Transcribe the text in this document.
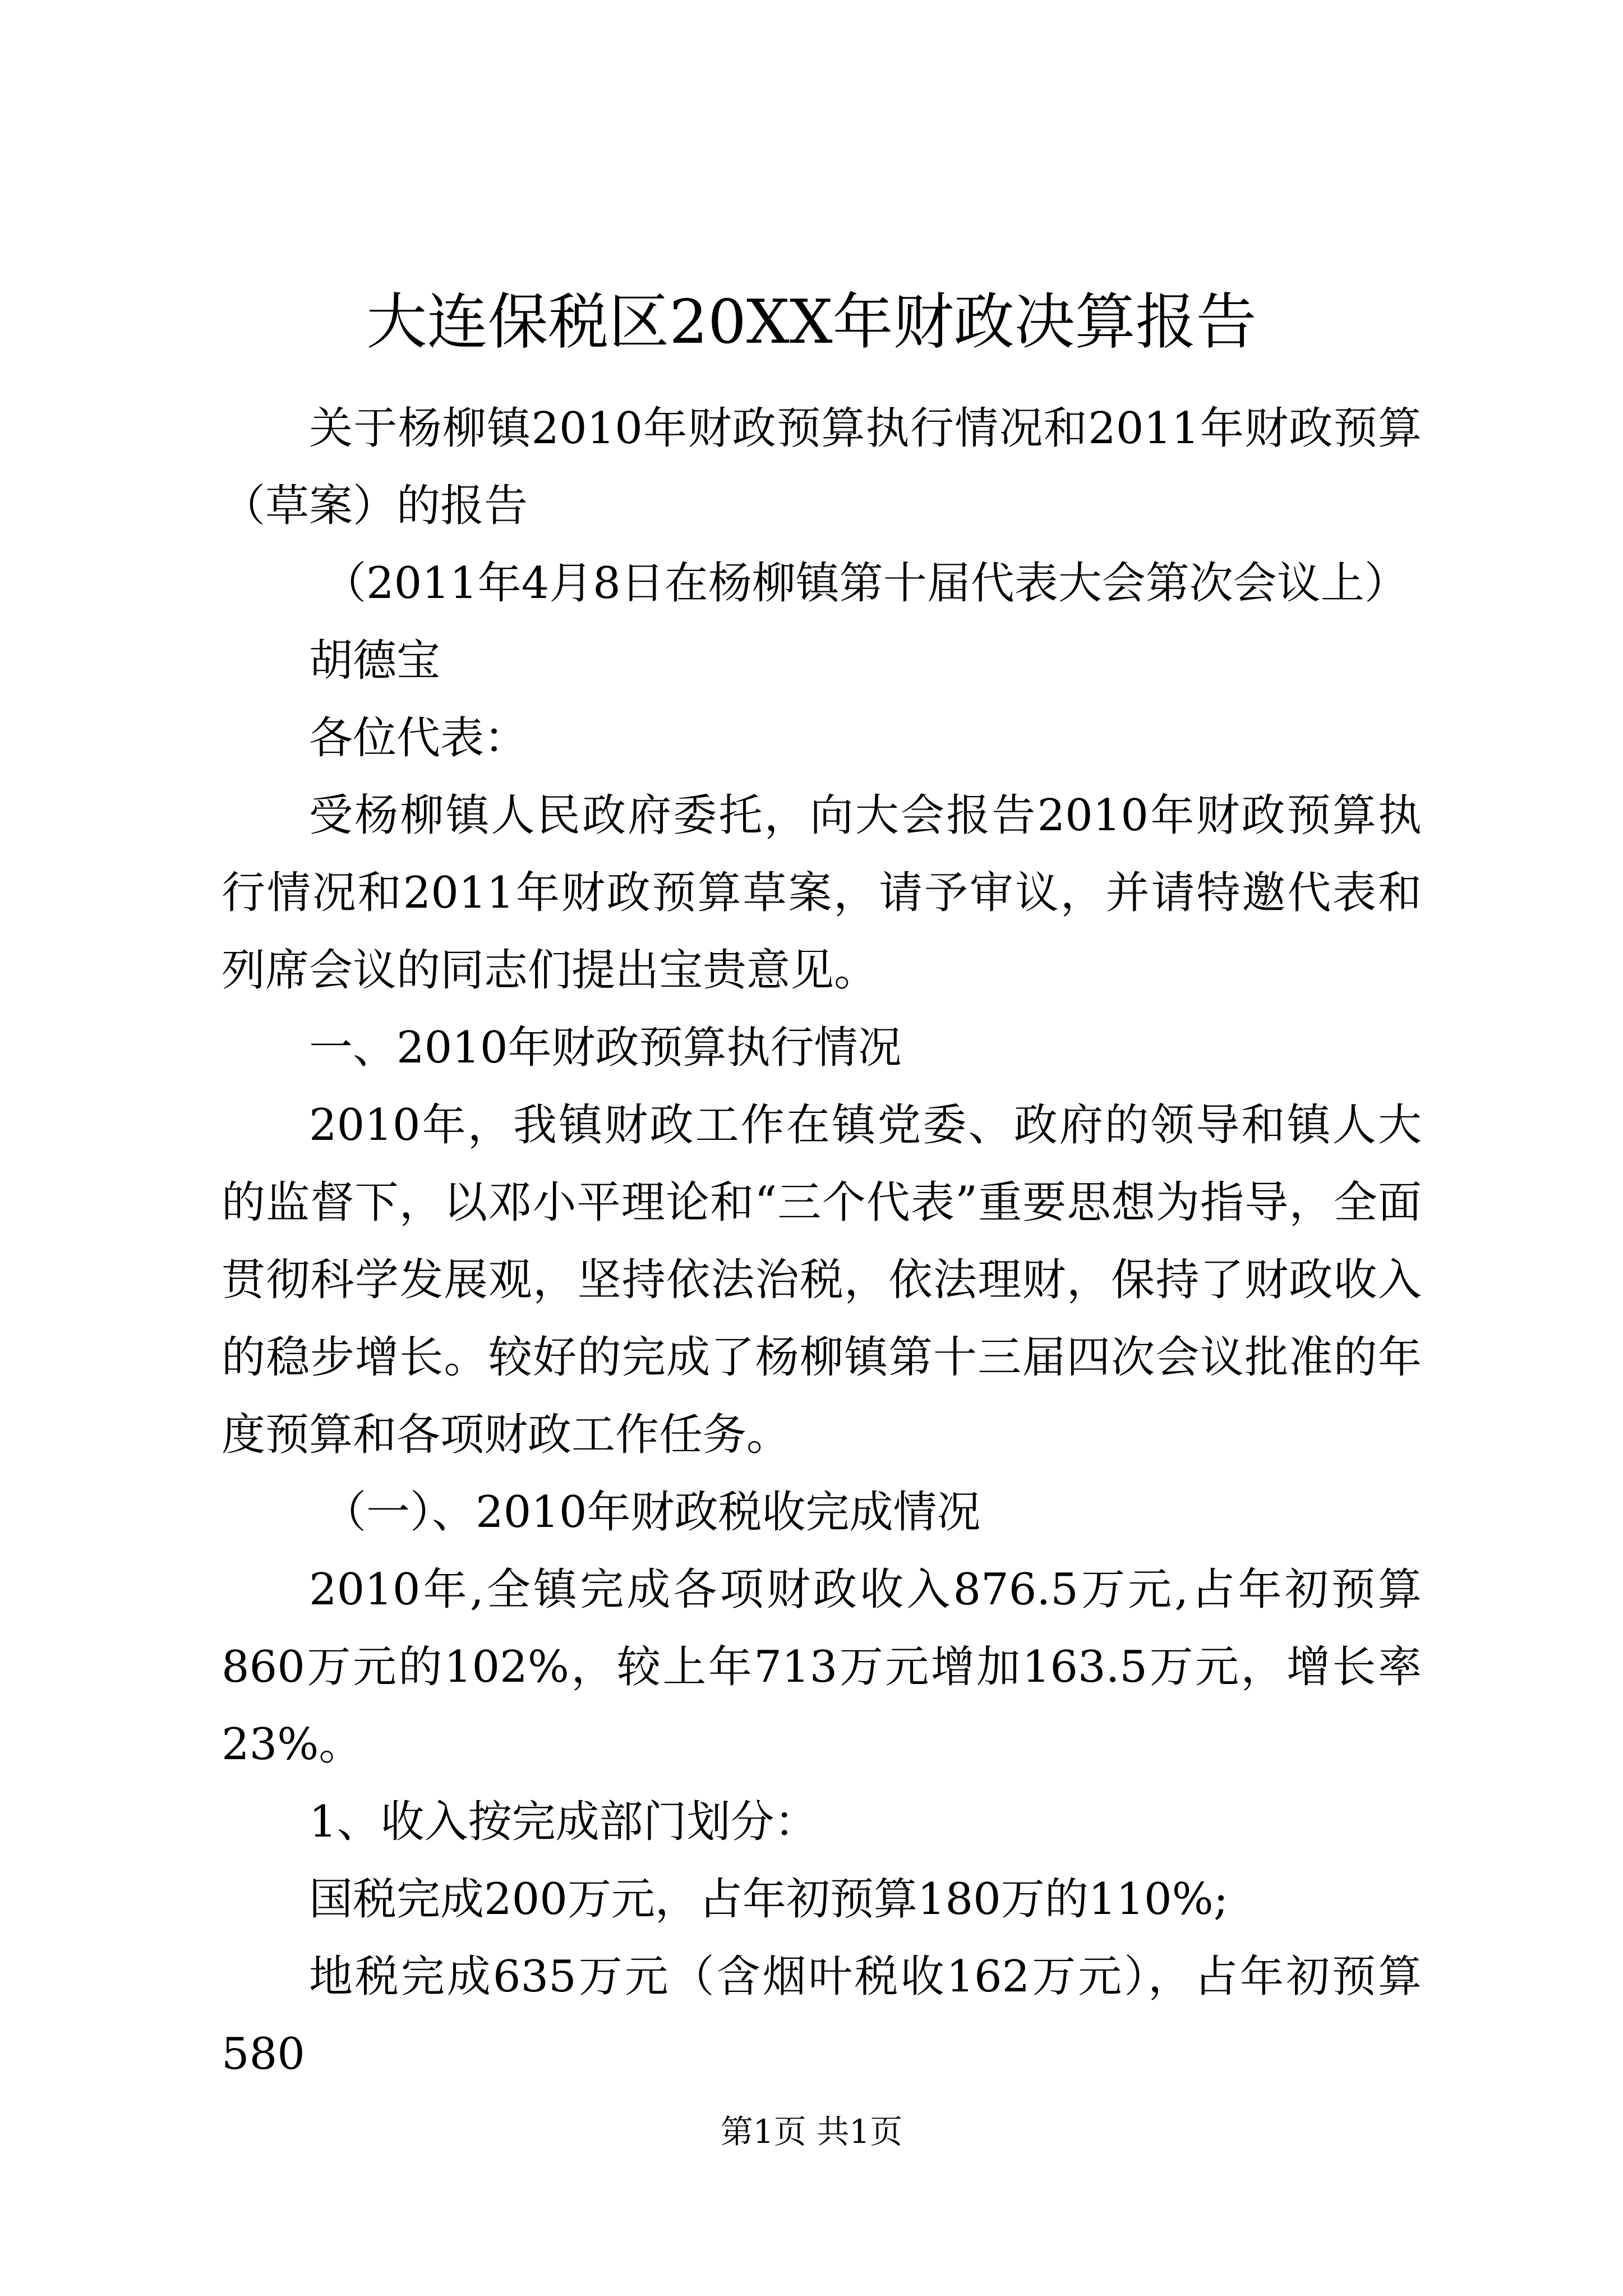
大连保税区20XX年财政决算报告

关于杨柳镇2010年财政预算执行情况和2011年财政预算（草案）的报告

（2011年4月8日在杨柳镇第十届代表大会第次会议上）

胡德宝

各位代表：

受杨柳镇人民政府委托，向大会报告2010年财政预算执行情况和2011年财政预算草案，请予审议，并请特邀代表和列席会议的同志们提出宝贵意见。

一、2010年财政预算执行情况

2010年，我镇财政工作在镇党委、政府的领导和镇人大的监督下，以邓小平理论和“三个代表”重要思想为指导，全面贯彻科学发展观，坚持依法治税，依法理财，保持了财政收入的稳步增长。较好的完成了杨柳镇第十三届四次会议批准的年度预算和各项财政工作任务。

（一）、2010年财政税收完成情况

2010年,全镇完成各项财政收入876.5万元,占年初预算860万元的102%，较上年713万元增加163.5万元，增长率23%。

1、收入按完成部门划分：

国税完成200万元，占年初预算180万的110%;

地税完成635万元（含烟叶税收162万元），占年初预算580

第1页 共1页
